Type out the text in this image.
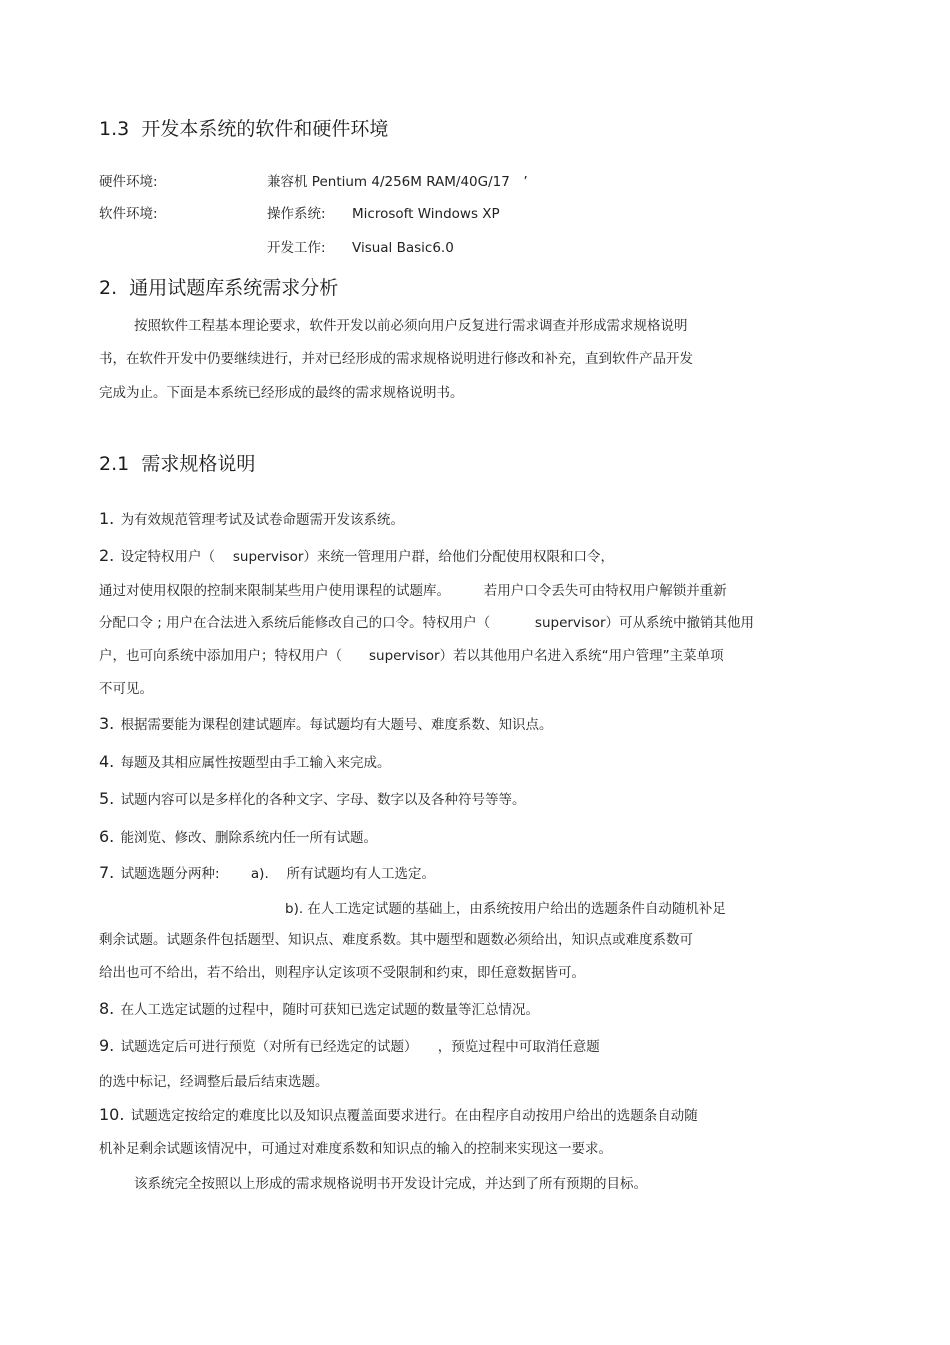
1.3 开发本系统的软件和硬件环境
硬件环境:	兼容机 Pentium 4/256M RAM/40G/17　’
软件环境:	操作系统: Microsoft Windows XP
开发工作: Visual Basic6.0
2. 通用试题库系统需求分析
按照软件工程基本理论要求，软件开发以前必须向用户反复进行需求调查并形成需求规格说明
书，在软件开发中仍要继续进行，并对已经形成的需求规格说明进行修改和补充，直到软件产品开发
完成为止。下面是本系统已经形成的最终的需求规格说明书。
2.1 需求规格说明
1. 为有效规范管理考试及试卷命题需开发该系统。
2. 设定特权用户（　 supervisor）来统一管理用户群，给他们分配使用权限和口令，
通过对使用权限的控制来限制某些用户使用课程的试题库。　　　若用户口令丢失可由特权用户解锁并重新
分配口令 ; 用户在合法进入系统后能修改自己的口令。特权用户（　　　 supervisor）可从系统中撤销其他用
户，也可向系统中添加用户；特权用户（　　supervisor）若以其他用户名进入系统“用户管理”主菜单项
不可见。
3. 根据需要能为课程创建试题库。每试题均有大题号、难度系数、知识点。
4. 每题及其相应属性按题型由手工输入来完成。
5. 试题内容可以是多样化的各种文字、字母、数字以及各种符号等等。
6. 能浏览、修改、删除系统内任一所有试题。
7. 试题选题分两种:　　 a).　 所有试题均有人工选定。
b). 在人工选定试题的基础上，由系统按用户给出的选题条件自动随机补足
剩余试题。试题条件包括题型、知识点、难度系数。其中题型和题数必须给出，知识点或难度系数可
给出也可不给出，若不给出，则程序认定该项不受限制和约束，即任意数据皆可。
8. 在人工选定试题的过程中，随时可获知已选定试题的数量等汇总情况。
9. 试题选定后可进行预览（对所有已经选定的试题）　　，预览过程中可取消任意题
的选中标记，经调整后最后结束选题。
10. 试题选定按给定的难度比以及知识点覆盖面要求进行。在由程序自动按用户给出的选题条自动随
机补足剩余试题该情况中，可通过对难度系数和知识点的输入的控制来实现这一要求。
该系统完全按照以上形成的需求规格说明书开发设计完成，并达到了所有预期的目标。
